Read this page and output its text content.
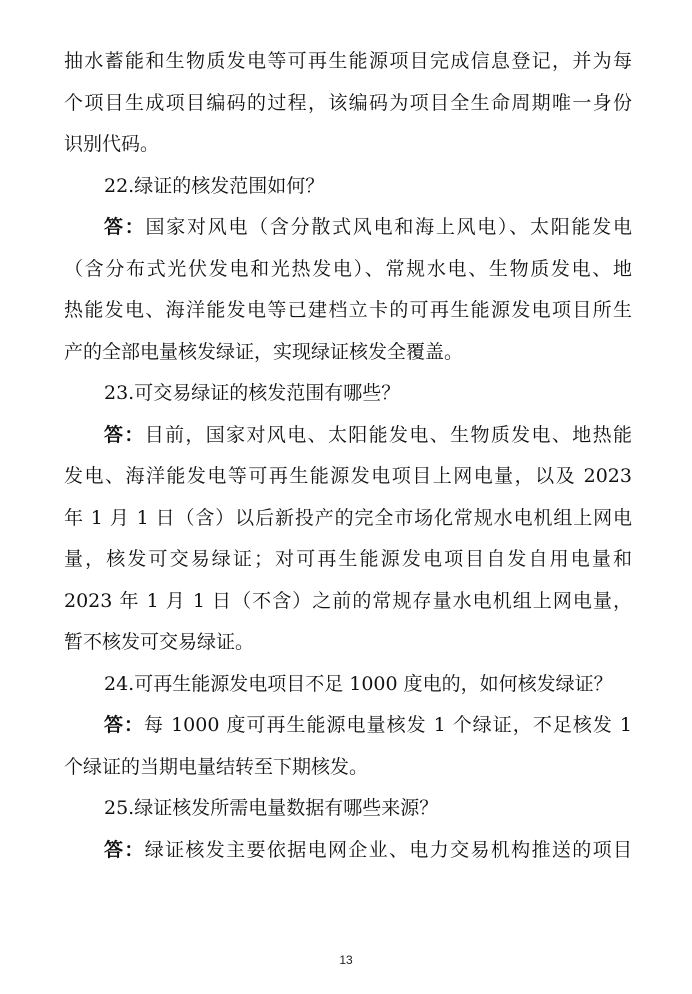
抽水蓄能和生物质发电等可再生能源项目完成信息登记，并为每
个项目生成项目编码的过程，该编码为项目全生命周期唯一身份
识别代码。
22.绿证的核发范围如何？
答：国家对风电（含分散式风电和海上风电）、太阳能发电
（含分布式光伏发电和光热发电）、常规水电、生物质发电、地
热能发电、海洋能发电等已建档立卡的可再生能源发电项目所生
产的全部电量核发绿证，实现绿证核发全覆盖。
23.可交易绿证的核发范围有哪些？
答：目前，国家对风电、太阳能发电、生物质发电、地热能
发电、海洋能发电等可再生能源发电项目上网电量，以及 2023
年 1 月 1 日（含）以后新投产的完全市场化常规水电机组上网电
量，核发可交易绿证；对可再生能源发电项目自发自用电量和
2023 年 1 月 1 日（不含）之前的常规存量水电机组上网电量，
暂不核发可交易绿证。
24.可再生能源发电项目不足 1000 度电的，如何核发绿证？
答：每 1000 度可再生能源电量核发 1 个绿证，不足核发 1
个绿证的当期电量结转至下期核发。
25.绿证核发所需电量数据有哪些来源？
答：绿证核发主要依据电网企业、电力交易机构推送的项目
13
